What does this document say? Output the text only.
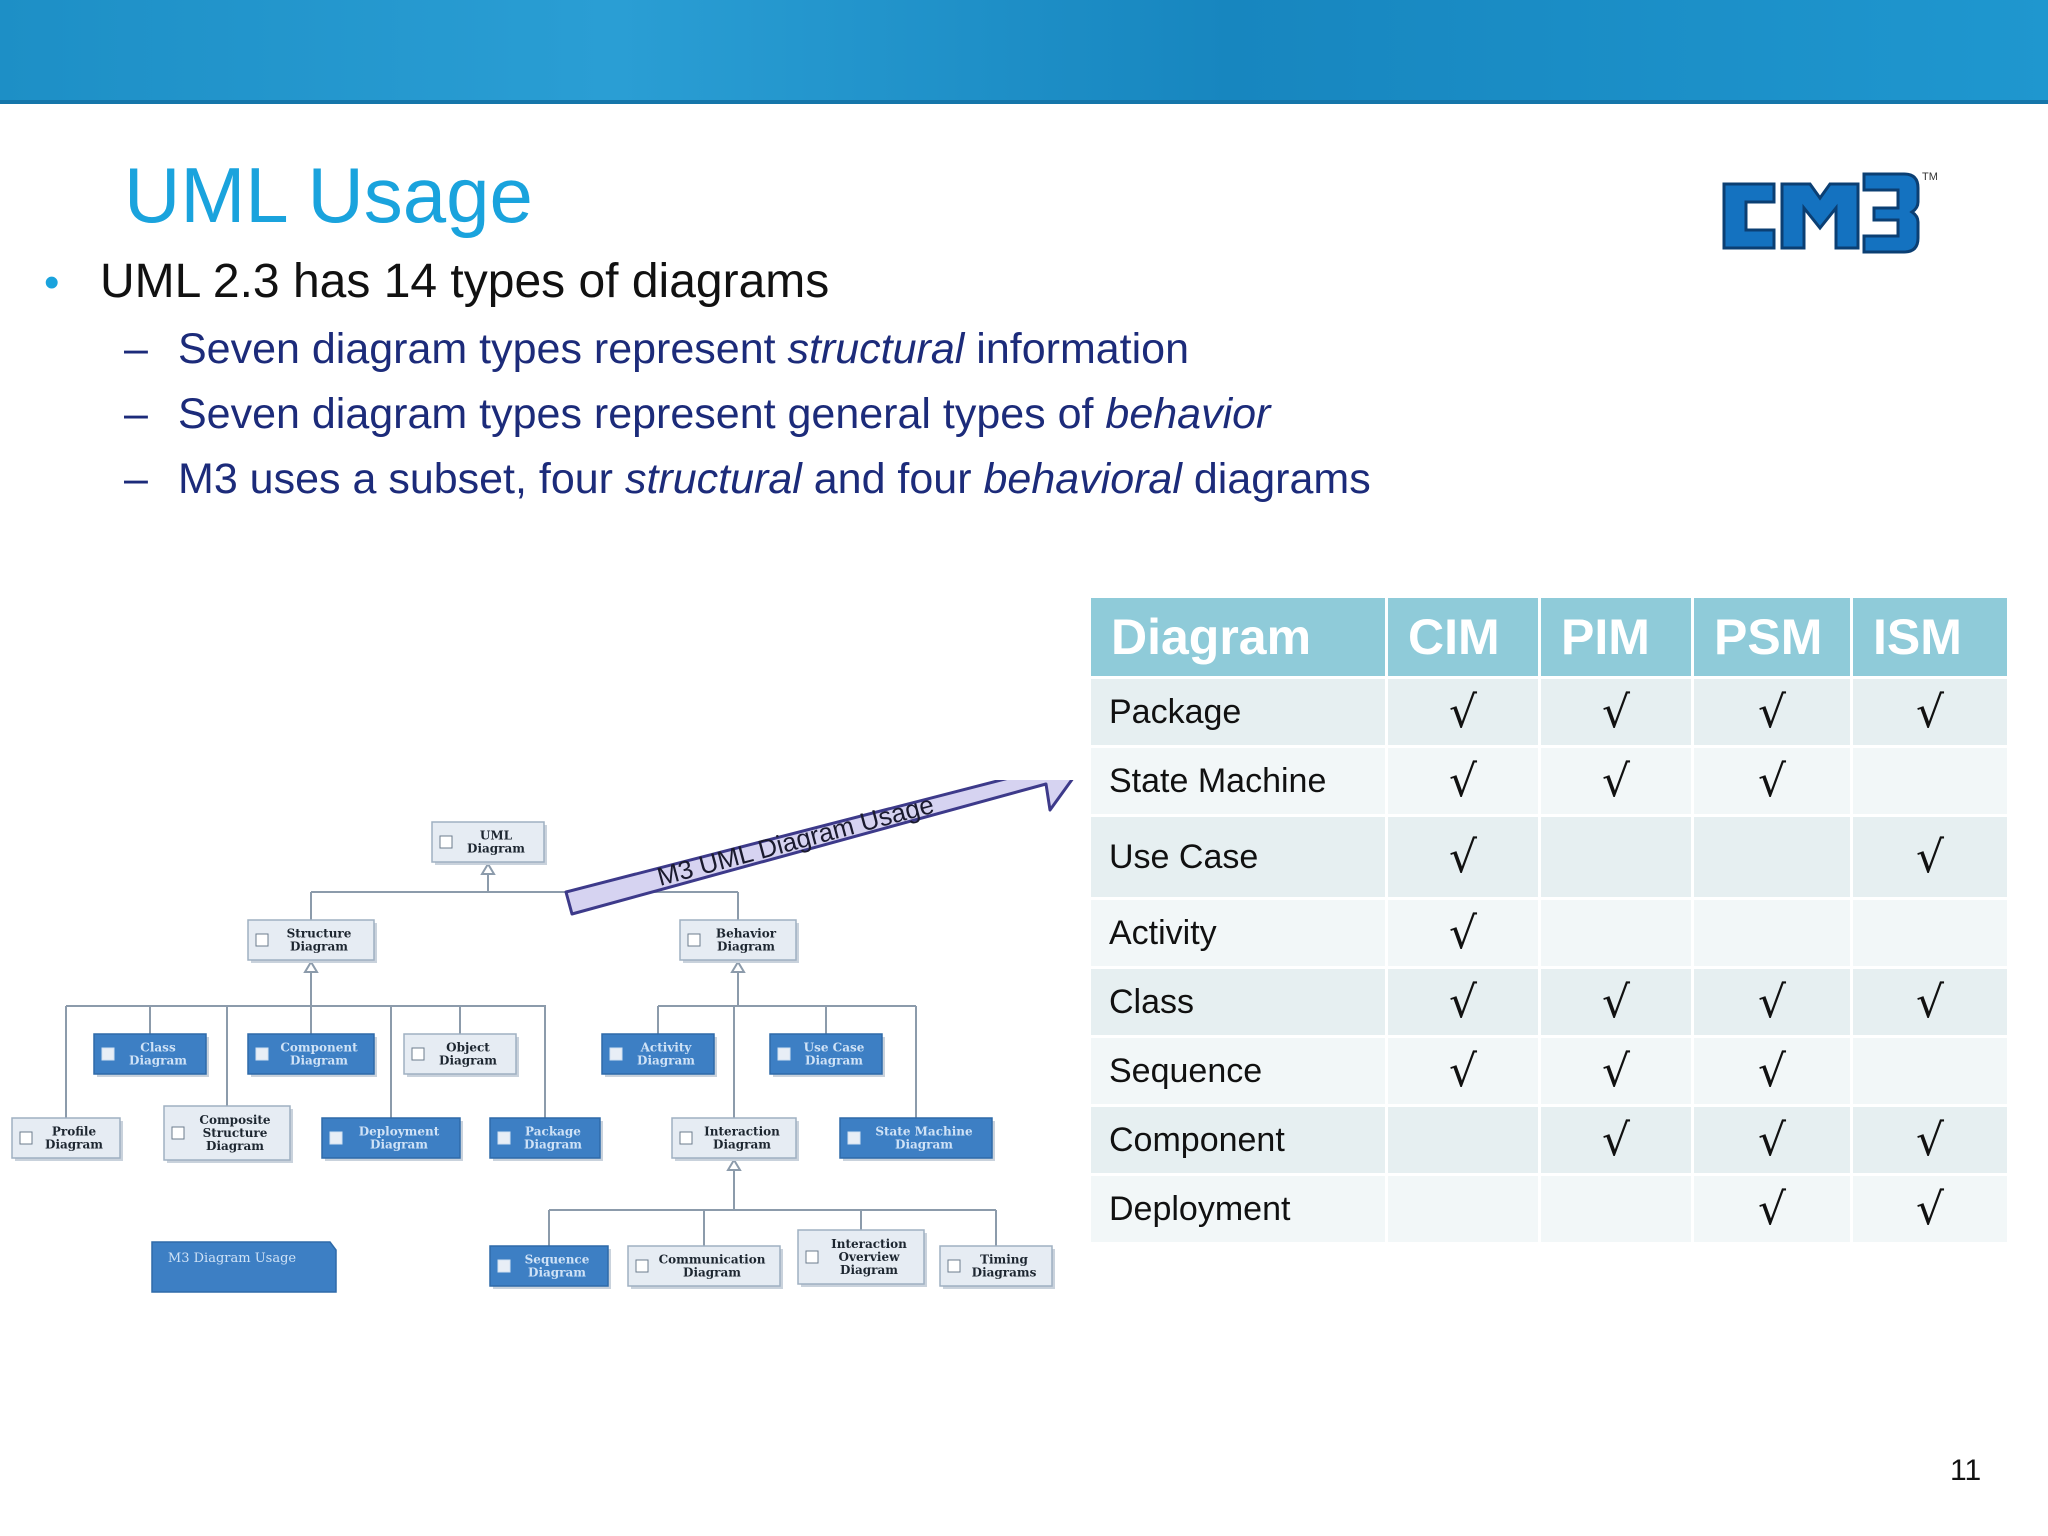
UML Usage	TM
• UML 2.3 has 14 types of diagrams
– Seven diagram types represent structural information
– Seven diagram types represent general types of behavior
– M3 uses a subset, four structural and four behavioral diagrams
UML
Diagram
Structure
Diagram
Behavior
Diagram
Class
Diagram
Component
Diagram
Object
Diagram
Activity
Diagram
Use Case
Diagram
Profile
Diagram
Composite
Structure
Diagram
Deployment
Diagram
Package
Diagram
Interaction
Diagram
State Machine
Diagram
Sequence
Diagram
Communication
Diagram
Interaction
Overview
Diagram
Timing
Diagrams
M3 Diagram Usage
M3 UML Diagram Usage
Diagram	CIM	PIM	PSM	ISM
Package	√	√	√	√
State Machine	√	√	√	
Use Case	√			√
Activity	√			
Class	√	√	√	√
Sequence	√	√	√	
Component		√	√	√
Deployment			√	√
11
